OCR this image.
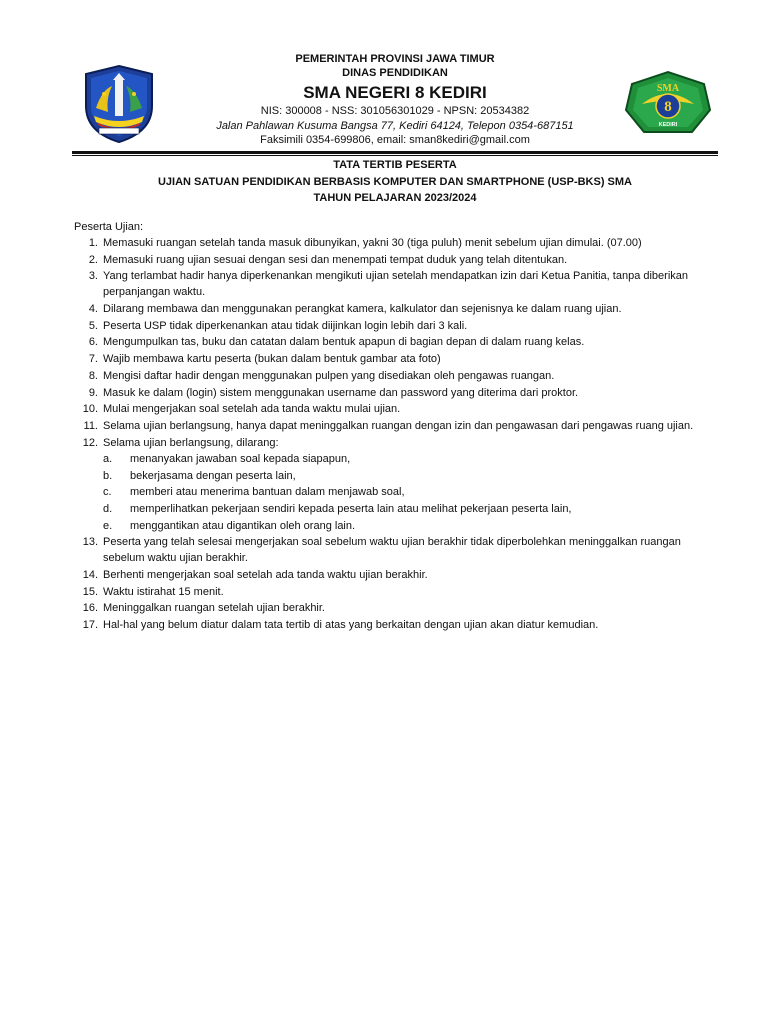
PEMERINTAH PROVINSI JAWA TIMUR
DINAS PENDIDIKAN
SMA NEGERI 8 KEDIRI
NIS: 300008 - NSS: 301056301029 - NPSN: 20534382
Jalan Pahlawan Kusuma Bangsa 77, Kediri 64124, Telepon 0354-687151
Faksimili 0354-699806, email: sman8kediri@gmail.com
8
SMA
KEDIRI
TATA TERTIB PESERTA
UJIAN SATUAN PENDIDIKAN BERBASIS KOMPUTER DAN SMARTPHONE (USP-BKS) SMA
TAHUN PELAJARAN 2023/2024
Peserta Ujian:
1. Memasuki ruangan setelah tanda masuk dibunyikan, yakni 30 (tiga puluh) menit sebelum ujian dimulai. (07.00)
2. Memasuki ruang ujian sesuai dengan sesi dan menempati tempat duduk yang telah ditentukan.
3. Yang terlambat hadir hanya diperkenankan mengikuti ujian setelah mendapatkan izin dari Ketua Panitia, tanpa diberikan perpanjangan waktu.
4. Dilarang membawa dan menggunakan perangkat kamera, kalkulator dan sejenisnya ke dalam ruang ujian.
5. Peserta USP tidak diperkenankan atau tidak diijinkan login lebih dari 3 kali.
6. Mengumpulkan tas, buku dan catatan dalam bentuk apapun di bagian depan di dalam ruang kelas.
7. Wajib membawa kartu peserta (bukan dalam bentuk gambar ata foto)
8. Mengisi daftar hadir dengan menggunakan pulpen yang disediakan oleh pengawas ruangan.
9. Masuk ke dalam (login) sistem menggunakan username dan password yang diterima dari proktor.
10. Mulai mengerjakan soal setelah ada tanda waktu mulai ujian.
11. Selama ujian berlangsung, hanya dapat meninggalkan ruangan dengan izin dan pengawasan dari pengawas ruang ujian.
12. Selama ujian berlangsung, dilarang:
a.	menanyakan jawaban soal kepada siapapun,
b.	bekerjasama dengan peserta lain,
c.	memberi atau menerima bantuan dalam menjawab soal,
d.	memperlihatkan pekerjaan sendiri kepada peserta lain atau melihat pekerjaan peserta lain,
e.	menggantikan atau digantikan oleh orang lain.
13. Peserta yang telah selesai mengerjakan soal sebelum waktu ujian berakhir tidak diperbolehkan meninggalkan ruangan sebelum waktu ujian berakhir.
14. Berhenti mengerjakan soal setelah ada tanda waktu ujian berakhir.
15. Waktu istirahat 15 menit.
16. Meninggalkan ruangan setelah ujian berakhir.
17. Hal-hal yang belum diatur dalam tata tertib di atas yang berkaitan dengan ujian akan diatur kemudian.
